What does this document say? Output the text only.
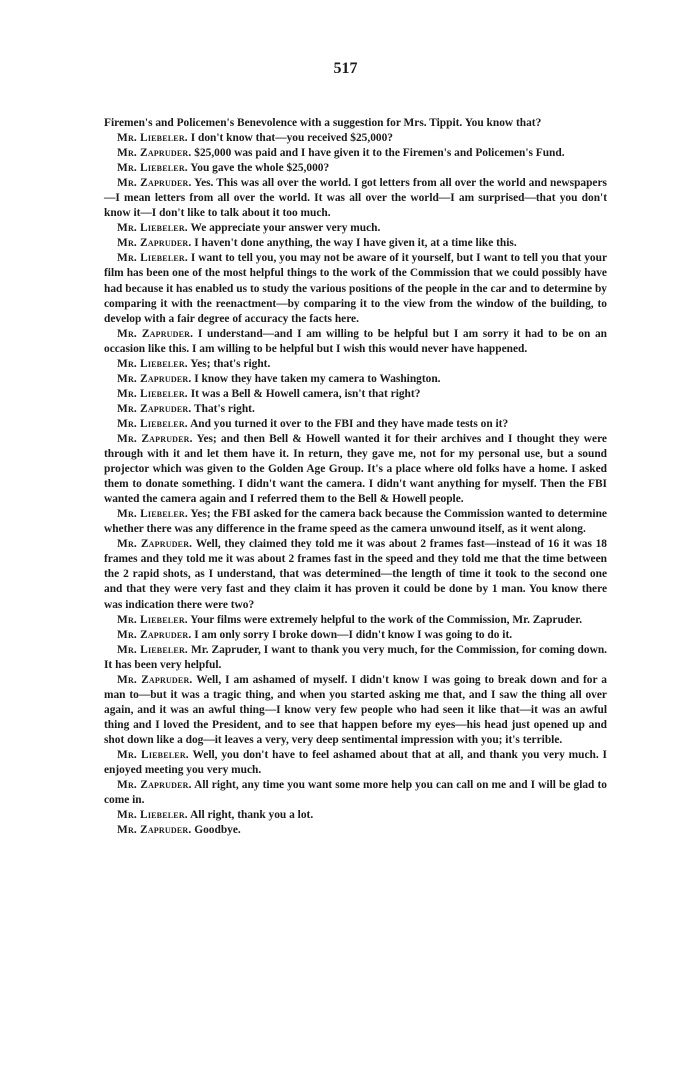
517

Firemen's and Policemen's Benevolence with a suggestion for Mrs. Tippit. You know that?

Mr. Liebeler. I don't know that—you received $25,000?

Mr. Zapruder. $25,000 was paid and I have given it to the Firemen's and Policemen's Fund.

Mr. Liebeler. You gave the whole $25,000?

Mr. Zapruder. Yes. This was all over the world. I got letters from all over the world and newspapers—I mean letters from all over the world. It was all over the world—I am surprised—that you don't know it—I don't like to talk about it too much.

Mr. Liebeler. We appreciate your answer very much.

Mr. Zapruder. I haven't done anything, the way I have given it, at a time like this.

Mr. Liebeler. I want to tell you, you may not be aware of it yourself, but I want to tell you that your film has been one of the most helpful things to the work of the Commission that we could possibly have had because it has enabled us to study the various positions of the people in the car and to determine by comparing it with the reenactment—by comparing it to the view from the window of the building, to develop with a fair degree of accuracy the facts here.

Mr. Zapruder. I understand—and I am willing to be helpful but I am sorry it had to be on an occasion like this. I am willing to be helpful but I wish this would never have happened.

Mr. Liebeler. Yes; that's right.

Mr. Zapruder. I know they have taken my camera to Washington.

Mr. Liebeler. It was a Bell & Howell camera, isn't that right?

Mr. Zapruder. That's right.

Mr. Liebeler. And you turned it over to the FBI and they have made tests on it?

Mr. Zapruder. Yes; and then Bell & Howell wanted it for their archives and I thought they were through with it and let them have it. In return, they gave me, not for my personal use, but a sound projector which was given to the Golden Age Group. It's a place where old folks have a home. I asked them to donate something. I didn't want the camera. I didn't want anything for myself. Then the FBI wanted the camera again and I referred them to the Bell & Howell people.

Mr. Liebeler. Yes; the FBI asked for the camera back because the Commission wanted to determine whether there was any difference in the frame speed as the camera unwound itself, as it went along.

Mr. Zapruder. Well, they claimed they told me it was about 2 frames fast—instead of 16 it was 18 frames and they told me it was about 2 frames fast in the speed and they told me that the time between the 2 rapid shots, as I understand, that was determined—the length of time it took to the second one and that they were very fast and they claim it has proven it could be done by 1 man. You know there was indication there were two?

Mr. Liebeler. Your films were extremely helpful to the work of the Commission, Mr. Zapruder.

Mr. Zapruder. I am only sorry I broke down—I didn't know I was going to do it.

Mr. Liebeler. Mr. Zapruder, I want to thank you very much, for the Commission, for coming down. It has been very helpful.

Mr. Zapruder. Well, I am ashamed of myself. I didn't know I was going to break down and for a man to—but it was a tragic thing, and when you started asking me that, and I saw the thing all over again, and it was an awful thing—I know very few people who had seen it like that—it was an awful thing and I loved the President, and to see that happen before my eyes—his head just opened up and shot down like a dog—it leaves a very, very deep sentimental impression with you; it's terrible.

Mr. Liebeler. Well, you don't have to feel ashamed about that at all, and thank you very much. I enjoyed meeting you very much.

Mr. Zapruder. All right, any time you want some more help you can call on me and I will be glad to come in.

Mr. Liebeler. All right, thank you a lot.

Mr. Zapruder. Goodbye.
